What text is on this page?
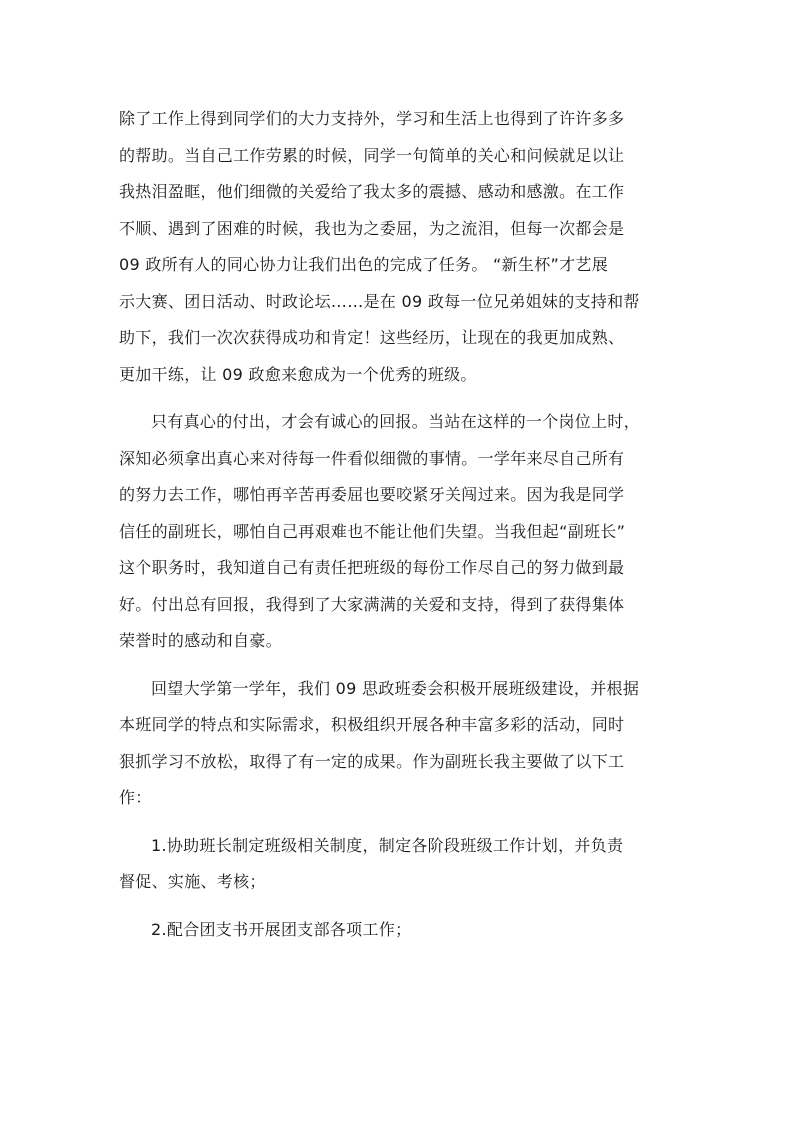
除了工作上得到同学们的大力支持外，学习和生活上也得到了许许多多
的帮助。当自己工作劳累的时候，同学一句简单的关心和问候就足以让
我热泪盈眶，他们细微的关爱给了我太多的震撼、感动和感激。在工作
不顺、遇到了困难的时候，我也为之委屈，为之流泪，但每一次都会是
09 政所有人的同心协力让我们出色的完成了任务。 “新生杯”才艺展
示大赛、团日活动、时政论坛……是在 09 政每一位兄弟姐妹的支持和帮
助下，我们一次次获得成功和肯定！这些经历，让现在的我更加成熟、
更加干练，让 09 政愈来愈成为一个优秀的班级。
只有真心的付出，才会有诚心的回报。当站在这样的一个岗位上时，
深知必须拿出真心来对待每一件看似细微的事情。一学年来尽自己所有
的努力去工作，哪怕再辛苦再委屈也要咬紧牙关闯过来。因为我是同学
信任的副班长，哪怕自己再艰难也不能让他们失望。当我但起“副班长”
这个职务时，我知道自己有责任把班级的每份工作尽自己的努力做到最
好。付出总有回报，我得到了大家满满的关爱和支持，得到了获得集体
荣誉时的感动和自豪。
回望大学第一学年，我们 09 思政班委会积极开展班级建设，并根据
本班同学的特点和实际需求，积极组织开展各种丰富多彩的活动，同时
狠抓学习不放松，取得了有一定的成果。作为副班长我主要做了以下工
作：
1.协助班长制定班级相关制度，制定各阶段班级工作计划，并负责
督促、实施、考核；
2.配合团支书开展团支部各项工作；
